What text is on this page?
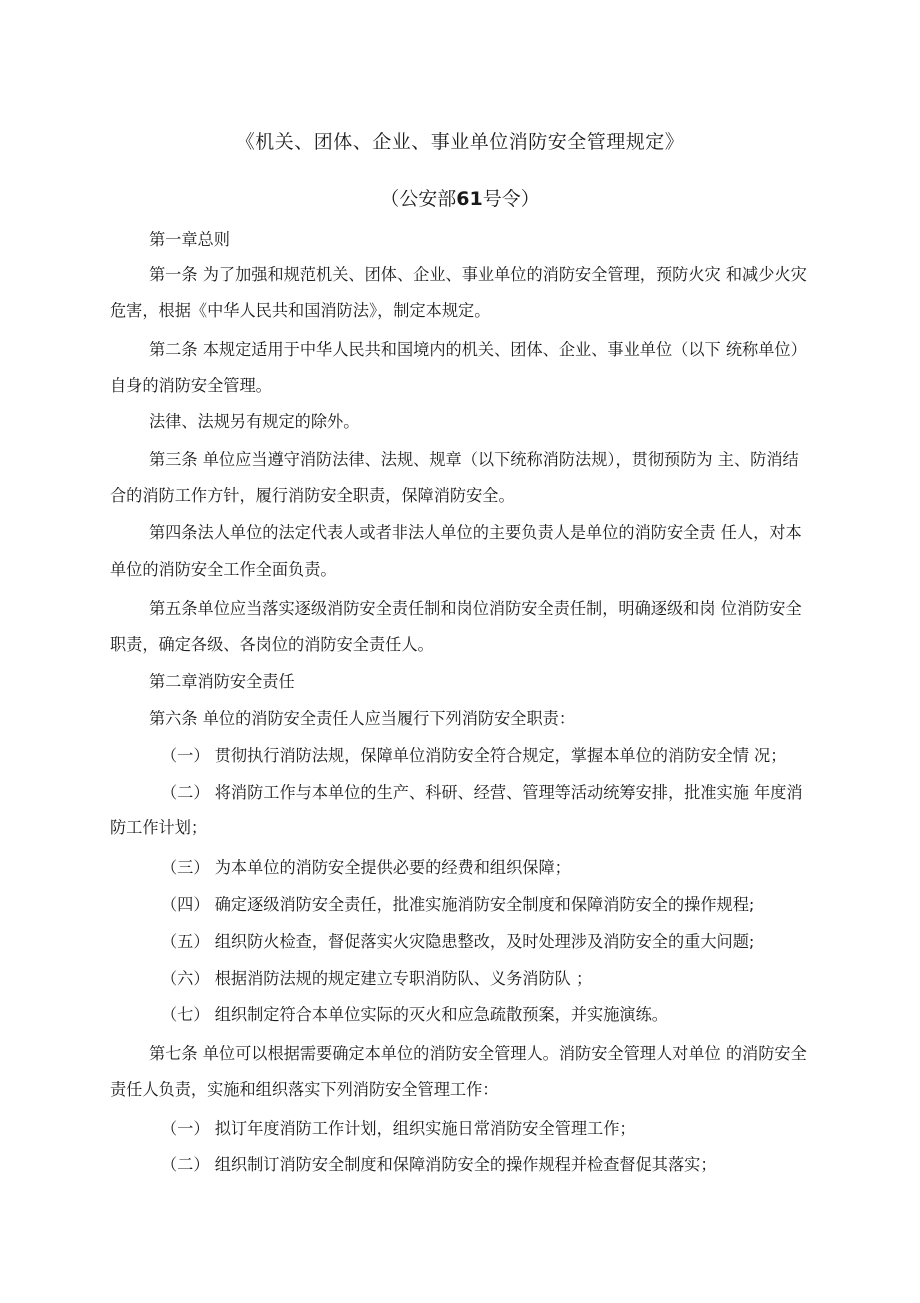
《机关、团体、企业、事业单位消防安全管理规定》
（公安部61号令）
第一章总则
第一条 为了加强和规范机关、团体、企业、事业单位的消防安全管理，预防火灾 和减少火灾
危害，根据《中华人民共和国消防法》，制定本规定。
第二条 本规定适用于中华人民共和国境内的机关、团体、企业、事业单位（以下 统称单位）
自身的消防安全管理。
法律、法规另有规定的除外。
第三条 单位应当遵守消防法律、法规、规章（以下统称消防法规），贯彻预防为 主、防消结
合的消防工作方针，履行消防安全职责，保障消防安全。
第四条法人单位的法定代表人或者非法人单位的主要负责人是单位的消防安全责 任人，对本
单位的消防安全工作全面负责。
第五条单位应当落实逐级消防安全责任制和岗位消防安全责任制，明确逐级和岗 位消防安全
职责，确定各级、各岗位的消防安全责任人。
第二章消防安全责任
第六条 单位的消防安全责任人应当履行下列消防安全职责：
（一） 贯彻执行消防法规，保障单位消防安全符合规定，掌握本单位的消防安全情 况；
（二） 将消防工作与本单位的生产、科研、经营、管理等活动统筹安排，批准实施 年度消
防工作计划；
（三） 为本单位的消防安全提供必要的经费和组织保障；
（四） 确定逐级消防安全责任，批准实施消防安全制度和保障消防安全的操作规程;
（五） 组织防火检查，督促落实火灾隐患整改，及时处理涉及消防安全的重大问题;
（六） 根据消防法规的规定建立专职消防队、义务消防队 ；
（七） 组织制定符合本单位实际的灭火和应急疏散预案，并实施演练。
第七条 单位可以根据需要确定本单位的消防安全管理人。消防安全管理人对单位 的消防安全
责任人负责，实施和组织落实下列消防安全管理工作：
（一） 拟订年度消防工作计划，组织实施日常消防安全管理工作；
（二） 组织制订消防安全制度和保障消防安全的操作规程并检查督促其落实；
